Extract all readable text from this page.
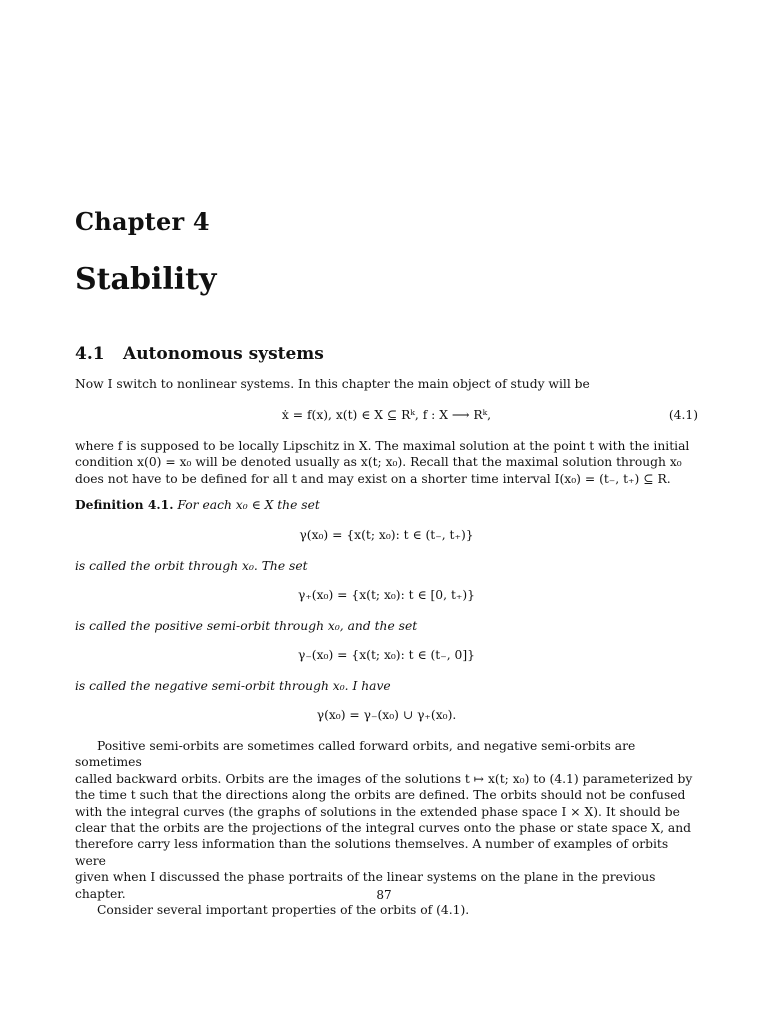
Chapter 4
Stability
4.1 Autonomous systems
Now I switch to nonlinear systems. In this chapter the main object of study will be
ẋ = f(x), x(t) ∈ X ⊆ Rᵏ, f : X ⟶ Rᵏ,	(4.1)
where f is supposed to be locally Lipschitz in X. The maximal solution at the point t with the initial
condition x(0) = x₀ will be denoted usually as x(t; x₀). Recall that the maximal solution through x₀
does not have to be defined for all t and may exist on a shorter time interval I(x₀) = (t₋, t₊) ⊆ R.
Definition 4.1. For each x₀ ∈ X the set
γ(x₀) = {x(t; x₀): t ∈ (t₋, t₊)}
is called the orbit through x₀. The set
γ₊(x₀) = {x(t; x₀): t ∈ [0, t₊)}
is called the positive semi-orbit through x₀, and the set
γ₋(x₀) = {x(t; x₀): t ∈ (t₋, 0]}
is called the negative semi-orbit through x₀. I have
γ(x₀) = γ₋(x₀) ∪ γ₊(x₀).
Positive semi-orbits are sometimes called forward orbits, and negative semi-orbits are sometimes
called backward orbits. Orbits are the images of the solutions t ↦ x(t; x₀) to (4.1) parameterized by
the time t such that the directions along the orbits are defined. The orbits should not be confused
with the integral curves (the graphs of solutions in the extended phase space I × X). It should be
clear that the orbits are the projections of the integral curves onto the phase or state space X, and
therefore carry less information than the solutions themselves. A number of examples of orbits were
given when I discussed the phase portraits of the linear systems on the plane in the previous chapter.
Consider several important properties of the orbits of (4.1).
87
